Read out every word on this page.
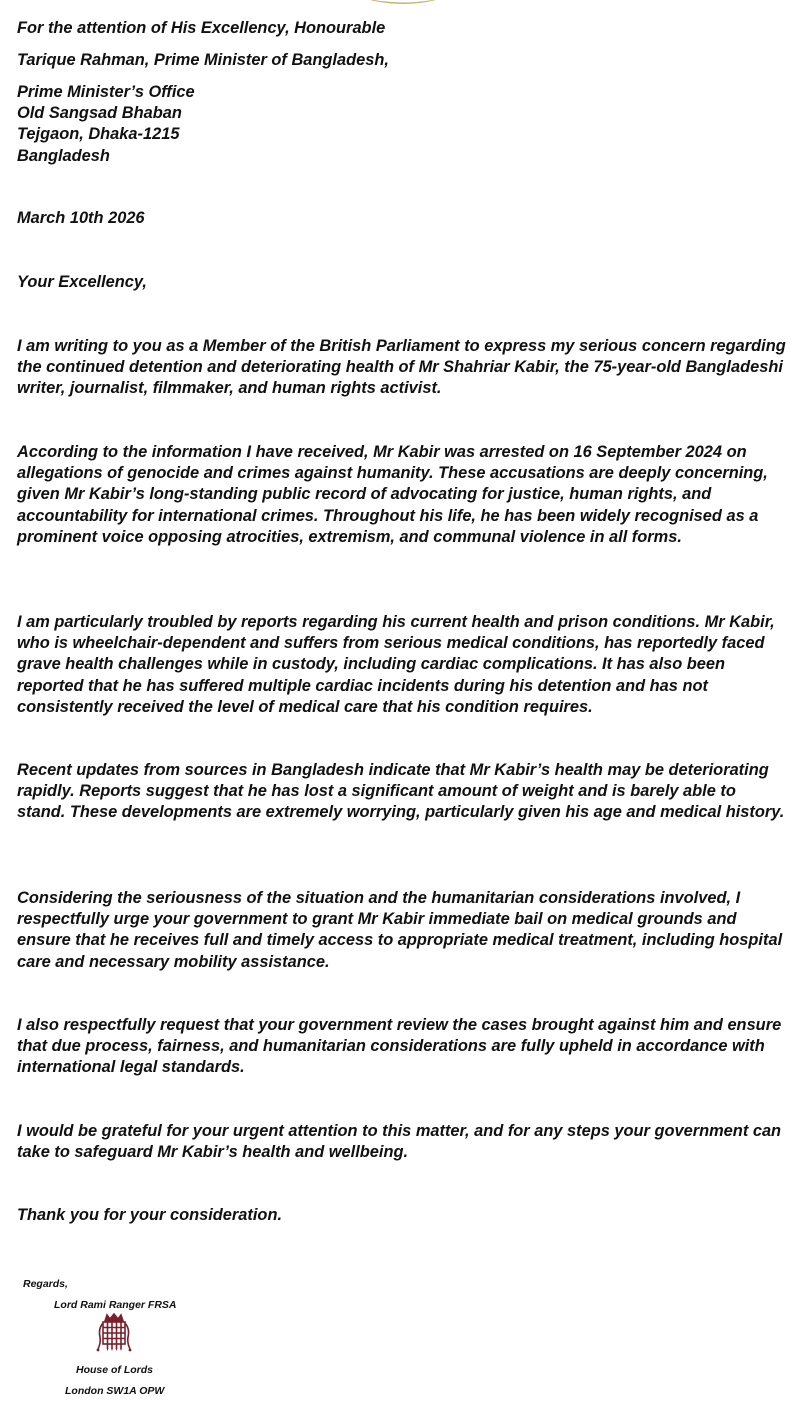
For the attention of His Excellency, Honourable

Tarique Rahman, Prime Minister of Bangladesh,

Prime Minister’s Office
Old Sangsad Bhaban
Tejgaon, Dhaka-1215
Bangladesh

March 10th 2026

Your Excellency,

I am writing to you as a Member of the British Parliament to express my serious concern regarding the continued detention and deteriorating health of Mr Shahriar Kabir, the 75-year-old Bangladeshi writer, journalist, filmmaker, and human rights activist.

According to the information I have received, Mr Kabir was arrested on 16 September 2024 on allegations of genocide and crimes against humanity. These accusations are deeply concerning, given Mr Kabir’s long-standing public record of advocating for justice, human rights, and accountability for international crimes. Throughout his life, he has been widely recognised as a prominent voice opposing atrocities, extremism, and communal violence in all forms.

I am particularly troubled by reports regarding his current health and prison conditions. Mr Kabir, who is wheelchair-dependent and suffers from serious medical conditions, has reportedly faced grave health challenges while in custody, including cardiac complications. It has also been reported that he has suffered multiple cardiac incidents during his detention and has not consistently received the level of medical care that his condition requires.

Recent updates from sources in Bangladesh indicate that Mr Kabir’s health may be deteriorating rapidly. Reports suggest that he has lost a significant amount of weight and is barely able to stand. These developments are extremely worrying, particularly given his age and medical history.

Considering the seriousness of the situation and the humanitarian considerations involved, I respectfully urge your government to grant Mr Kabir immediate bail on medical grounds and ensure that he receives full and timely access to appropriate medical treatment, including hospital care and necessary mobility assistance.

I also respectfully request that your government review the cases brought against him and ensure that due process, fairness, and humanitarian considerations are fully upheld in accordance with international legal standards.

I would be grateful for your urgent attention to this matter, and for any steps your government can take to safeguard Mr Kabir’s health and wellbeing.

Thank you for your consideration.

Regards,
Lord Rami Ranger FRSA
House of Lords
London SW1A OPW
